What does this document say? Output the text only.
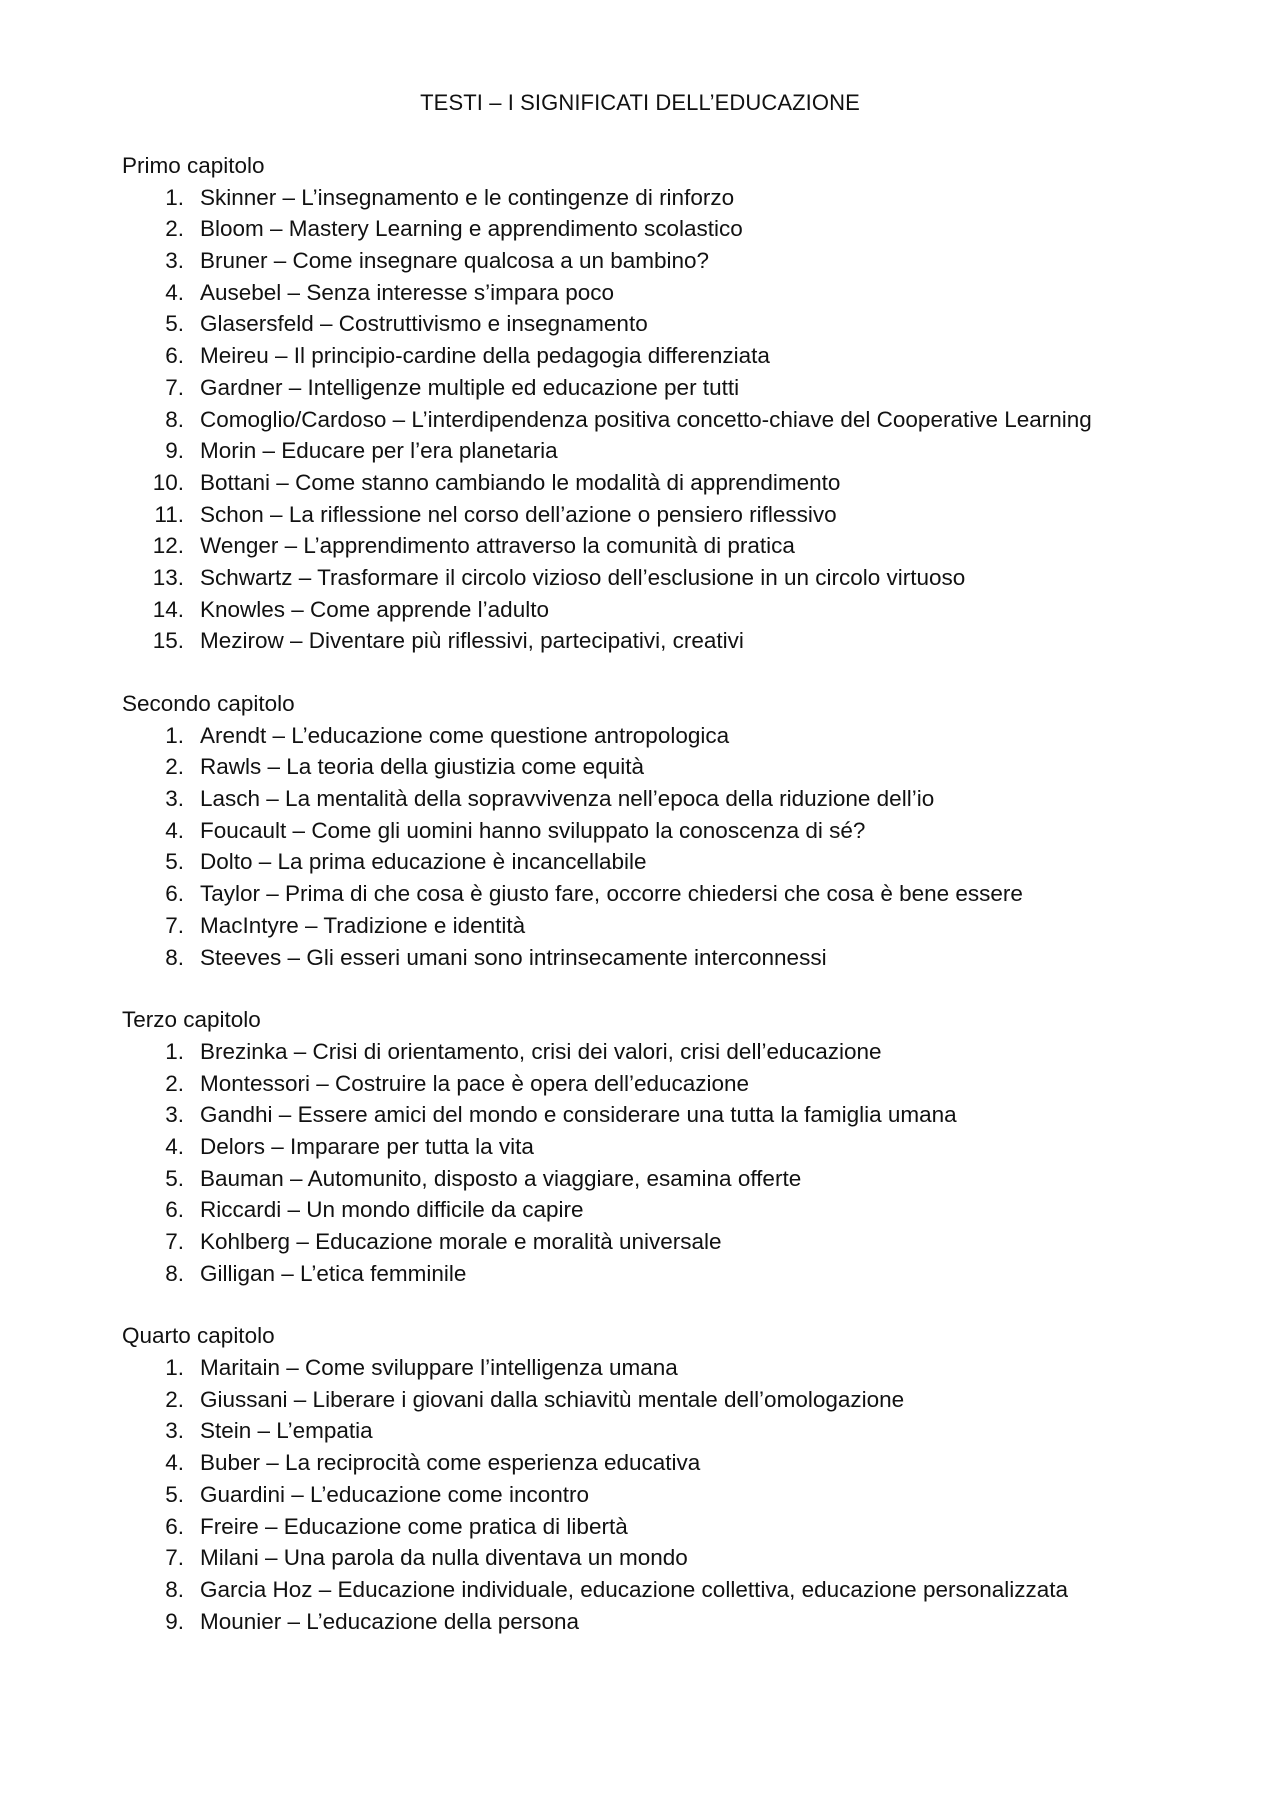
TESTI – I SIGNIFICATI DELL’EDUCAZIONE
Primo capitolo
1. Skinner – L’insegnamento e le contingenze di rinforzo
2. Bloom – Mastery Learning e apprendimento scolastico
3. Bruner – Come insegnare qualcosa a un bambino?
4. Ausebel – Senza interesse s’impara poco
5. Glasersfeld – Costruttivismo e insegnamento
6. Meireu – Il principio-cardine della pedagogia differenziata
7. Gardner – Intelligenze multiple ed educazione per tutti
8. Comoglio/Cardoso – L’interdipendenza positiva concetto-chiave del Cooperative Learning
9. Morin – Educare per l’era planetaria
10. Bottani – Come stanno cambiando le modalità di apprendimento
11. Schon – La riflessione nel corso dell’azione o pensiero riflessivo
12. Wenger – L’apprendimento attraverso la comunità di pratica
13. Schwartz – Trasformare il circolo vizioso dell’esclusione in un circolo virtuoso
14. Knowles – Come apprende l’adulto
15. Mezirow – Diventare più riflessivi, partecipativi, creativi
Secondo capitolo
1. Arendt – L’educazione come questione antropologica
2. Rawls – La teoria della giustizia come equità
3. Lasch – La mentalità della sopravvivenza nell’epoca della riduzione dell’io
4. Foucault – Come gli uomini hanno sviluppato la conoscenza di sé?
5. Dolto – La prima educazione è incancellabile
6. Taylor – Prima di che cosa è giusto fare, occorre chiedersi che cosa è bene essere
7. MacIntyre – Tradizione e identità
8. Steeves – Gli esseri umani sono intrinsecamente interconnessi
Terzo capitolo
1. Brezinka – Crisi di orientamento, crisi dei valori, crisi dell’educazione
2. Montessori – Costruire la pace è opera dell’educazione
3. Gandhi – Essere amici del mondo e considerare una tutta la famiglia umana
4. Delors – Imparare per tutta la vita
5. Bauman – Automunito, disposto a viaggiare, esamina offerte
6. Riccardi – Un mondo difficile da capire
7. Kohlberg – Educazione morale e moralità universale
8. Gilligan – L’etica femminile
Quarto capitolo
1. Maritain – Come sviluppare l’intelligenza umana
2. Giussani – Liberare i giovani dalla schiavitù mentale dell’omologazione
3. Stein – L’empatia
4. Buber – La reciprocità come esperienza educativa
5. Guardini – L’educazione come incontro
6. Freire – Educazione come pratica di libertà
7. Milani – Una parola da nulla diventava un mondo
8. Garcia Hoz – Educazione individuale, educazione collettiva, educazione personalizzata
9. Mounier – L’educazione della persona
